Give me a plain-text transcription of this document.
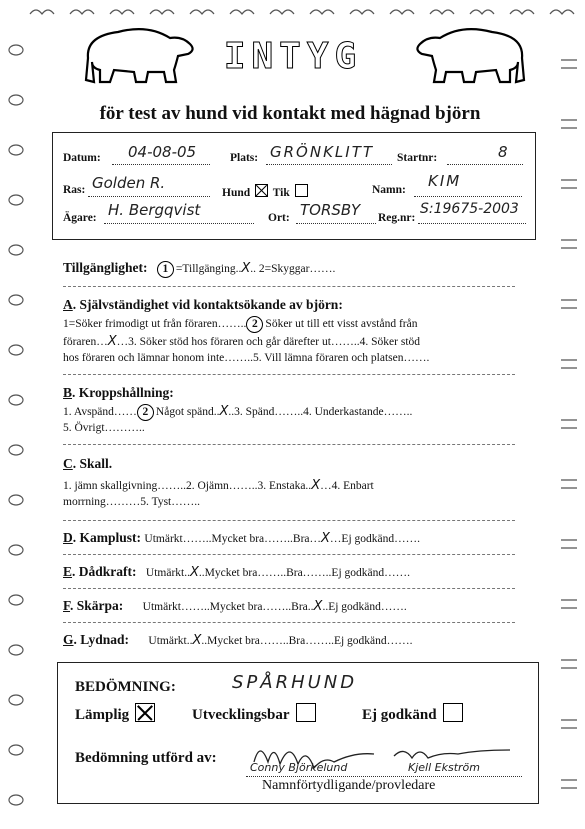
INTYG
för test av hund vid kontakt med hägnad björn
Datum: 04-08-05	Plats: GRÖNKLITT Startnr:	8
Ras: Golden R.
Hund Tik	Namn: KIM
Ägare: H. Bergqvist	Ort: TORSBY Reg.nr:
S:19675-2003
Tillgänglighet: 1 =Tillgänging..X.. 2=Skyggar…….
A. Självständighet vid kontaktsökande av björn:
1=Söker frimodigt ut från föraren…….. 2 Söker ut till ett visst avstånd från
föraren…X…3. Söker stöd hos föraren och går därefter ut……..4. Söker stöd
hos föraren och lämnar honom inte……..5. Vill lämna föraren och platsen…….
B. Kroppshållning:
1. Avspänd…… 2 Något spänd..X..3. Spänd……..4. Underkastande……..
5. Övrigt………..
C. Skall.
1. jämn skallgivning……..2. Ojämn……..3. Enstaka..X…4. Enbart
morrning………5. Tyst……..
D. Kamplust: Utmärkt……..Mycket bra……..Bra…X…Ej godkänd…….
E. Dådkraft: Utmärkt..X..Mycket bra……..Bra……..Ej godkänd…….
F. Skärpa: Utmärkt……..Mycket bra……..Bra..X..Ej godkänd…….
G. Lydnad: Utmärkt..X..Mycket bra……..Bra……..Ej godkänd…….
BEDÖMNING:	SPÅRHUND
Lämplig	Utvecklingsbar	Ej godkänd
Bedömning utförd av:
Conny Björkelund	Kjell Ekström
Namnförtydligande/provledare
